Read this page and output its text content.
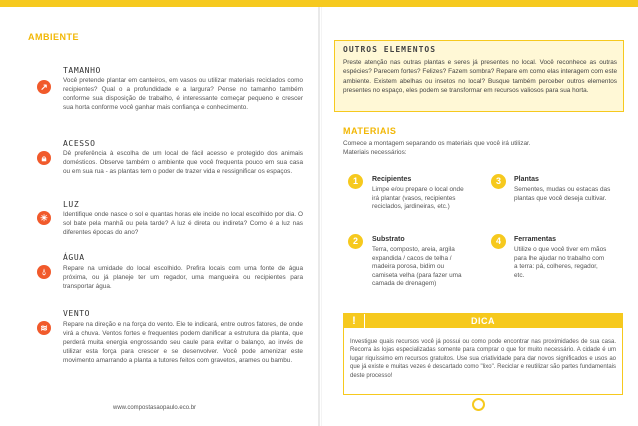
AMBIENTE
↗
TAMANHO
Você pretende plantar em canteiros, em vasos ou utilizar materiais reciclados como recipientes? Qual o a profundidade e a largura? Pense no tamanho também conforme sua disposição de trabalho, é interessante começar pequeno e crescer sua horta conforme você ganhar mais confiança e conhecimento.
🔒︎
ACESSO
Dê preferência à escolha de um local de fácil acesso e protegido dos animais domésticos. Observe também o ambiente que você frequenta pouco em sua casa ou em sua rua - as plantas tem o poder de trazer vida e ressignificar os espaços.
☀
LUZ
Identifique onde nasce o sol e quantas horas ele incide no local escolhido por dia. O sol bate pela manhã ou pela tarde? A luz é direta ou indireta? Como é a luz nas diferentes épocas do ano?
💧︎
ÁGUA
Repare na umidade do local escolhido. Prefira locais com uma fonte de água próxima, ou já planeje ter um regador, uma mangueira ou recipientes para transportar água.
≋
VENTO
Repare na direção e na força do vento. Ele te indicará, entre outros fatores, de onde virá a chuva. Ventos fortes e frequentes podem danificar a estrutura da planta, que perderá muita energia engrossando seu caule para evitar o balanço, ao invés de utilizar esta força para crescer e se desenvolver. Você pode amenizar este movimento amarrando a planta a tutores feitos com gravetos, arames ou bambu.
www.compostasaopaulo.eco.br
OUTROS ELEMENTOS
Preste atenção nas outras plantas e seres já presentes no local. Você reconhece as outras espécies? Parecem fortes? Felizes? Fazem sombra? Repare em como elas interagem com este ambiente. Existem abelhas ou insetos no local? Busque também perceber outros elementos presentes no espaço, eles podem se transformar em recursos valiosos para sua horta.
MATERIAIS
Comece a montagem separando os materiais que você irá utilizar.
Materiais necessários:
1	Recipientes
Limpe e/ou prepare o local onde irá plantar (vasos, recipientes reciclados, jardineiras, etc.)
2	Substrato
Terra, composto, areia, argila expandida / cacos de telha / madeira porosa, bidim ou camiseta velha (para fazer uma camada de drenagem)
3	Plantas
Sementes, mudas ou estacas das plantas que você deseja cultivar.
4	Ferramentas
Utilize o que você tiver em mãos para lhe ajudar no trabalho com a terra: pá, colheres, regador, etc.
DICA
!
Investigue quais recursos você já possui ou como pode encontrar nas proximidades de sua casa. Recorra às lojas especializadas somente para comprar o que for muito necessário. A cidade é um lugar riquíssimo em recursos gratuitos. Use sua criatividade para dar novos significados e usos ao que já existe e muitas vezes é descartado como "lixo". Reciclar e reutilizar são partes fundamentais deste processo!
